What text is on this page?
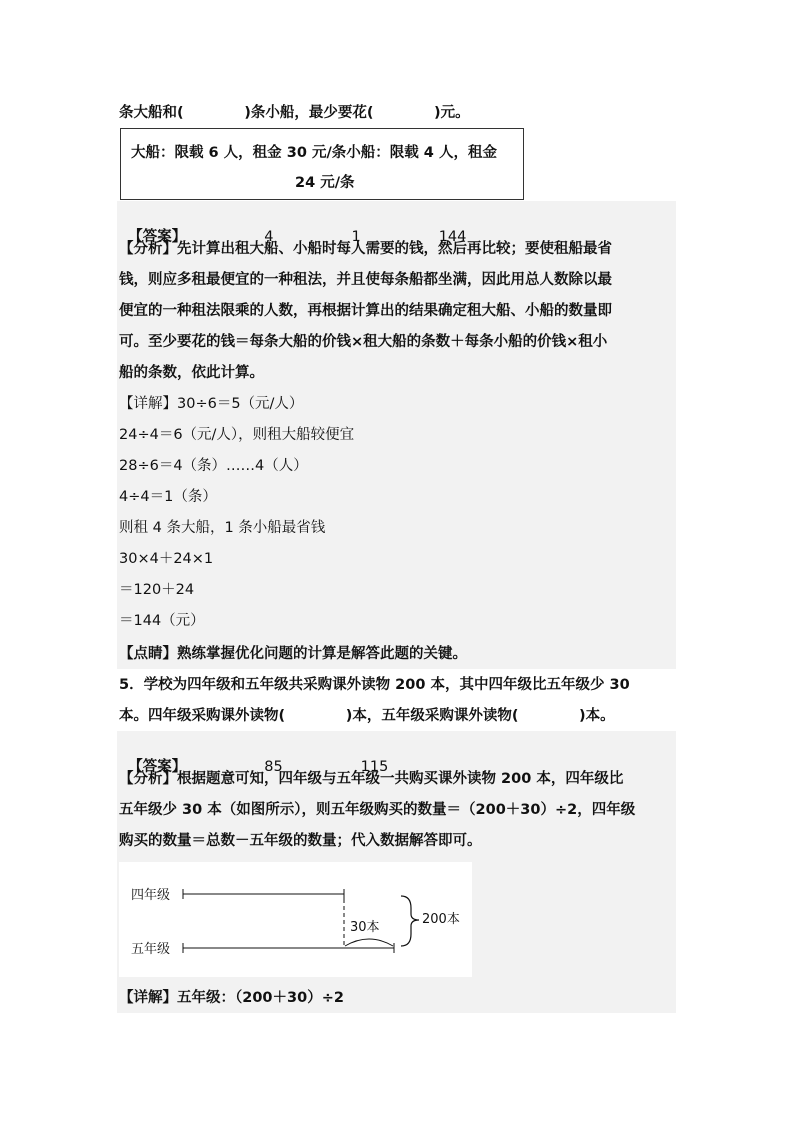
条大船和(            )条小船，最少要花(            )元。
大船：限载 6 人，租金 30 元/条小船：限载 4 人，租金
24 元/条

【答案】	4	1	144

【分析】先计算出租大船、小船时每人需要的钱，然后再比较；要使租船最省
钱，则应多租最便宜的一种租法，并且使每条船都坐满，因此用总人数除以最
便宜的一种租法限乘的人数，再根据计算出的结果确定租大船、小船的数量即
可。至少要花的钱＝每条大船的价钱×租大船的条数＋每条小船的价钱×租小
船的条数，依此计算。
【详解】30÷6＝5（元/人）
24÷4＝6（元/人），则租大船较便宜
28÷6＝4（条）……4（人）
4÷4＝1（条）
则租 4 条大船，1 条小船最省钱
30×4＋24×1
＝120＋24
＝144（元）
【点睛】熟练掌握优化问题的计算是解答此题的关键。
5．学校为四年级和五年级共采购课外读物 200 本，其中四年级比五年级少 30
本。四年级采购课外读物(            )本，五年级采购课外读物(            )本。

【答案】	85	115

【分析】根据题意可知，四年级与五年级一共购买课外读物 200 本，四年级比
五年级少 30 本（如图所示），则五年级购买的数量＝（200＋30）÷2，四年级
购买的数量＝总数－五年级的数量；代入数据解答即可。
四年级
五年级
30本
200本
【详解】五年级：（200＋30）÷2
